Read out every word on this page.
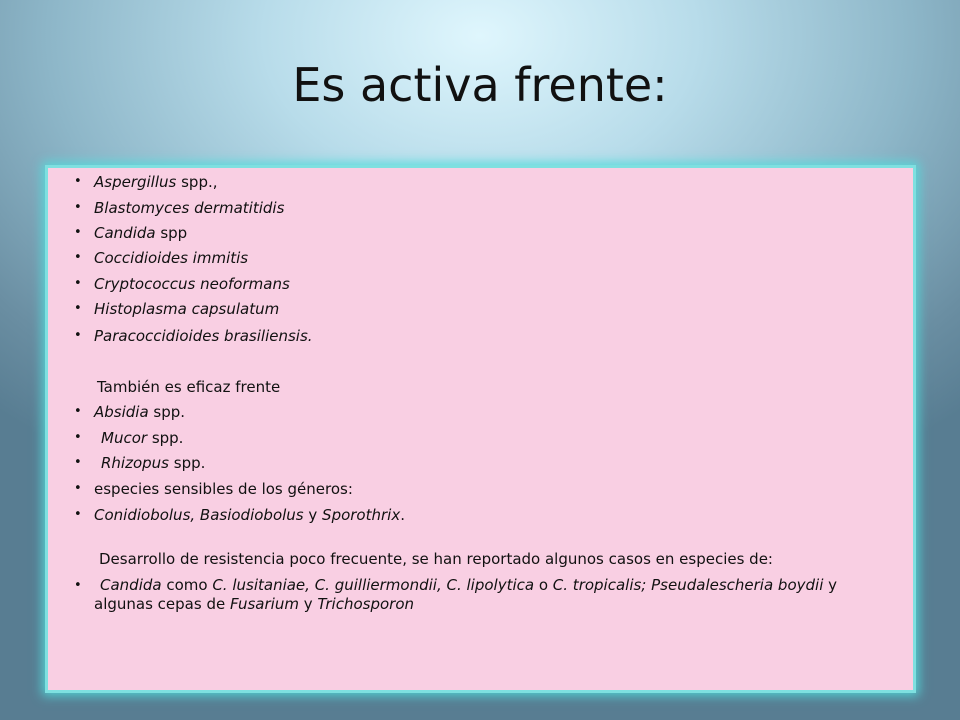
Es activa frente:
• Aspergillus spp.,
• Blastomyces dermatitidis
• Candida spp
• Coccidioides immitis
• Cryptococcus neoformans
• Histoplasma capsulatum
• Paracoccidioides brasiliensis.
También es eficaz frente
• Absidia spp.
• Mucor spp.
• Rhizopus spp.
• especies sensibles de los géneros:
• Conidiobolus, Basiodiobolus y Sporothrix.
Desarrollo de resistencia poco frecuente, se han reportado algunos casos en especies de:
•	Candida como C. lusitaniae, C. guilliermondii, C. lipolytica o C. tropicalis; Pseudalescheria boydii y algunas cepas de Fusarium y Trichosporon
